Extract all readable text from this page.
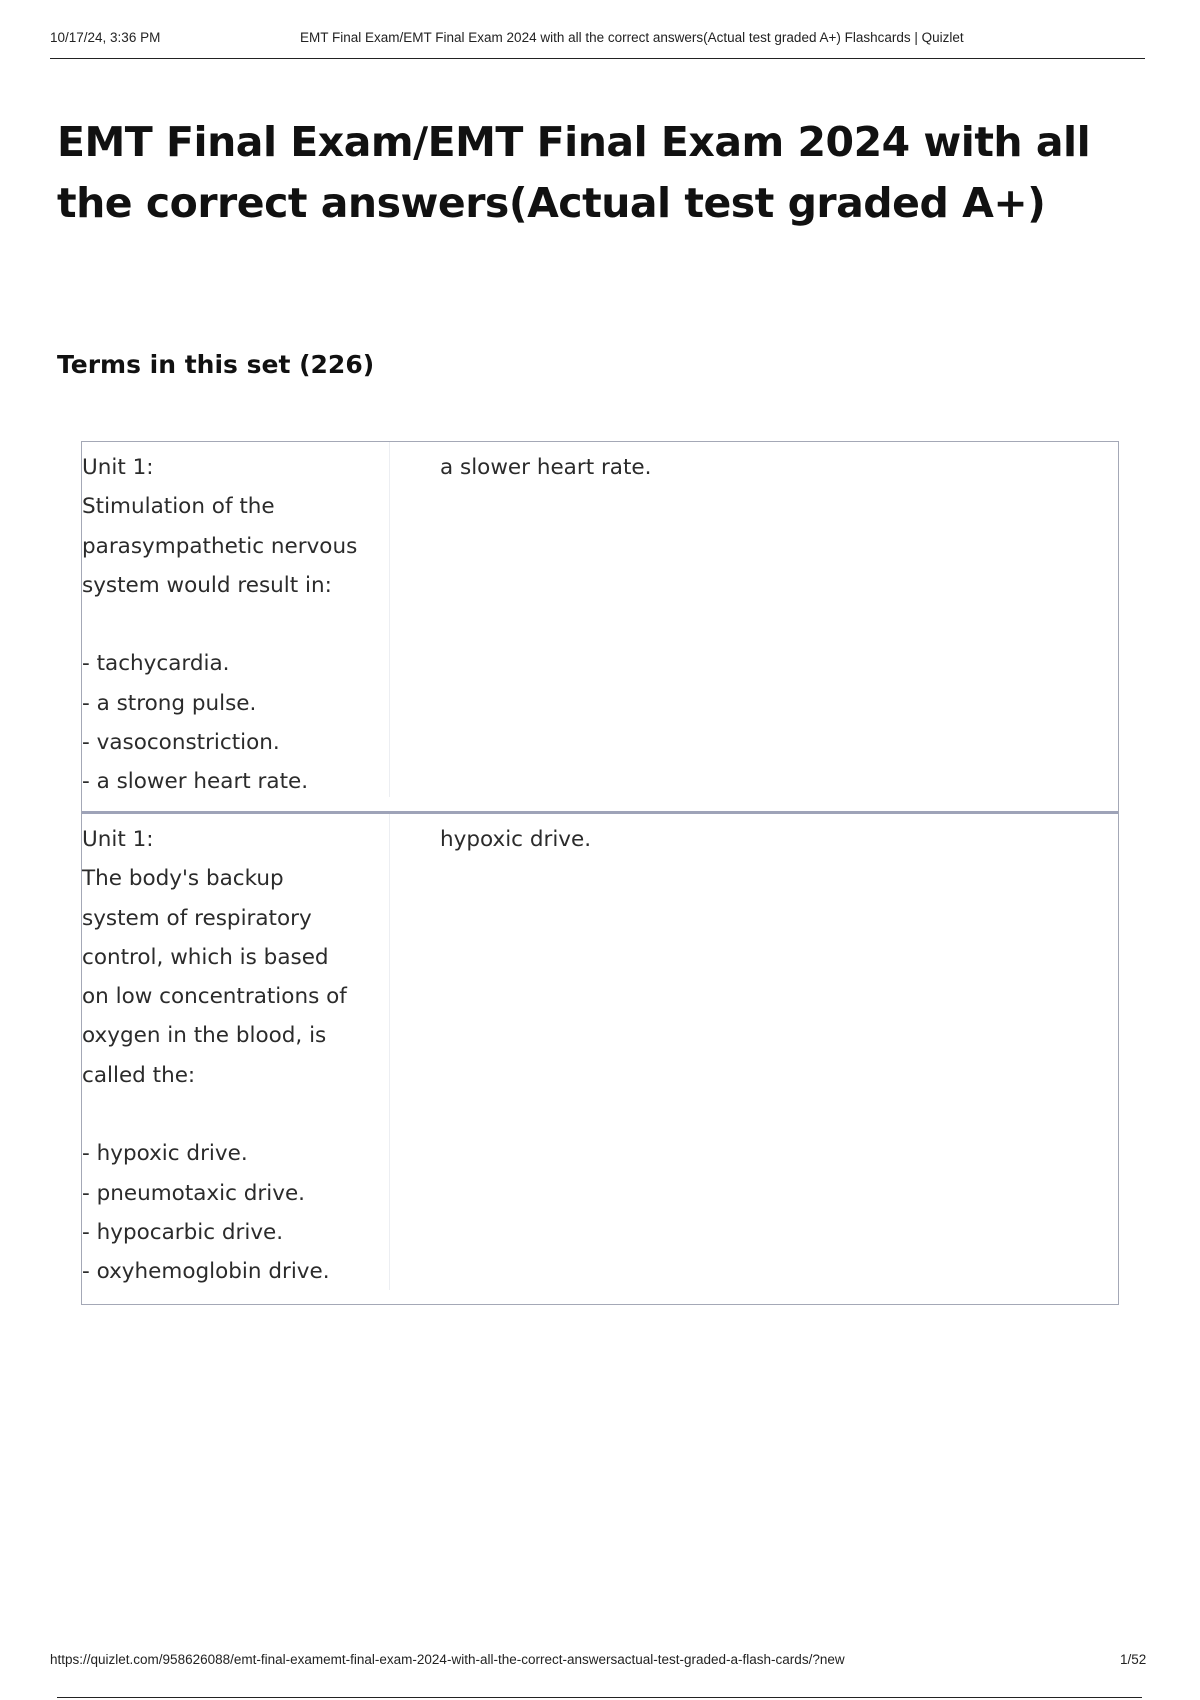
10/17/24, 3:36 PM	EMT Final Exam/EMT Final Exam 2024 with all the correct answers(Actual test graded A+) Flashcards | Quizlet
EMT Final Exam/EMT Final Exam 2024 with all the correct answers(Actual test graded A+)
Terms in this set (226)
Unit 1:
Stimulation of the
parasympathetic nervous
system would result in:

- tachycardia.
- a strong pulse.
- vasoconstriction.
- a slower heart rate.
a slower heart rate.
Unit 1:
The body's backup
system of respiratory
control, which is based
on low concentrations of
oxygen in the blood, is
called the:

- hypoxic drive.
- pneumotaxic drive.
- hypocarbic drive.
- oxyhemoglobin drive.
hypoxic drive.
https://quizlet.com/958626088/emt-final-examemt-final-exam-2024-with-all-the-correct-answersactual-test-graded-a-flash-cards/?new	1/52
